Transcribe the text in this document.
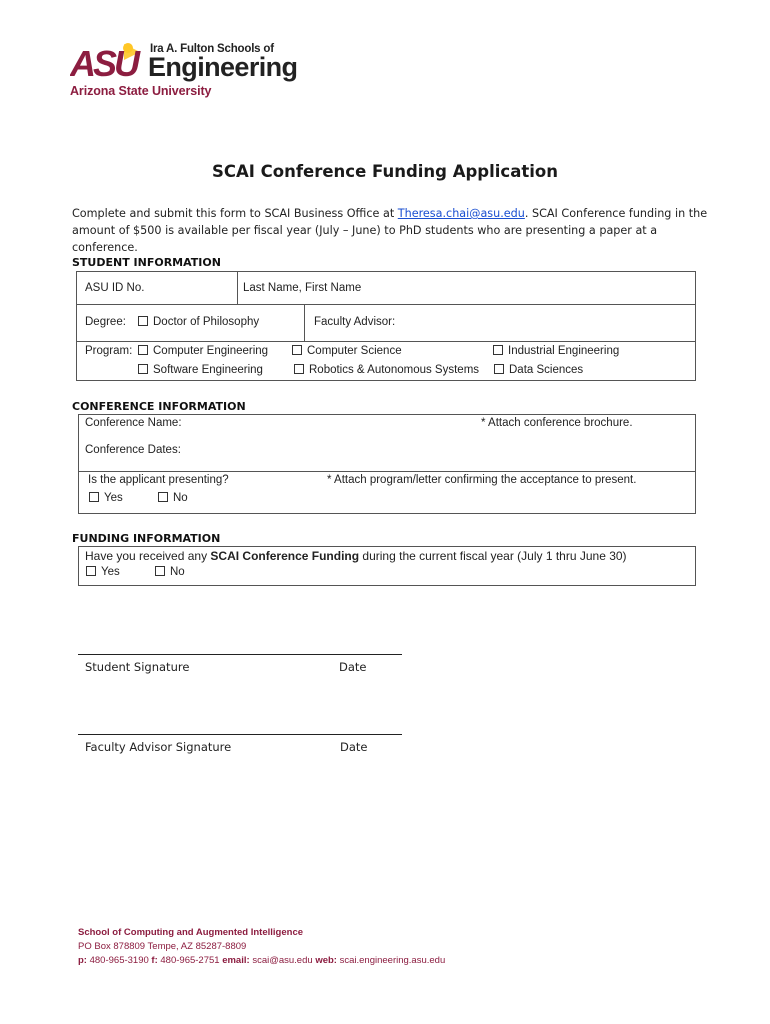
ASU	Ira A. Fulton Schools of
Engineering
Arizona State University
SCAI Conference Funding Application
Complete and submit this form to SCAI Business Office at Theresa.chai@asu.edu. SCAI Conference funding in the amount of $500 is available per fiscal year (July – June) to PhD students who are presenting a paper at a conference.
STUDENT INFORMATION
ASU ID No.	Last Name, First Name
Degree:	Doctor of Philosophy	Faculty Advisor:
Program:	Computer Engineering	Computer Science	Industrial Engineering
Software Engineering	Robotics & Autonomous Systems	Data Sciences
CONFERENCE INFORMATION
Conference Name:	* Attach conference brochure.
Conference Dates:
Is the applicant presenting?	* Attach program/letter confirming the acceptance to present.
Yes	No
FUNDING INFORMATION
Have you received any SCAI Conference Funding during the current fiscal year (July 1 thru June 30)
Yes	No
Student Signature	Date
Faculty Advisor Signature	Date
School of Computing and Augmented Intelligence
PO Box 878809 Tempe, AZ 85287-8809
p: 480-965-3190 f: 480-965-2751 email: scai@asu.edu web: scai.engineering.asu.edu
